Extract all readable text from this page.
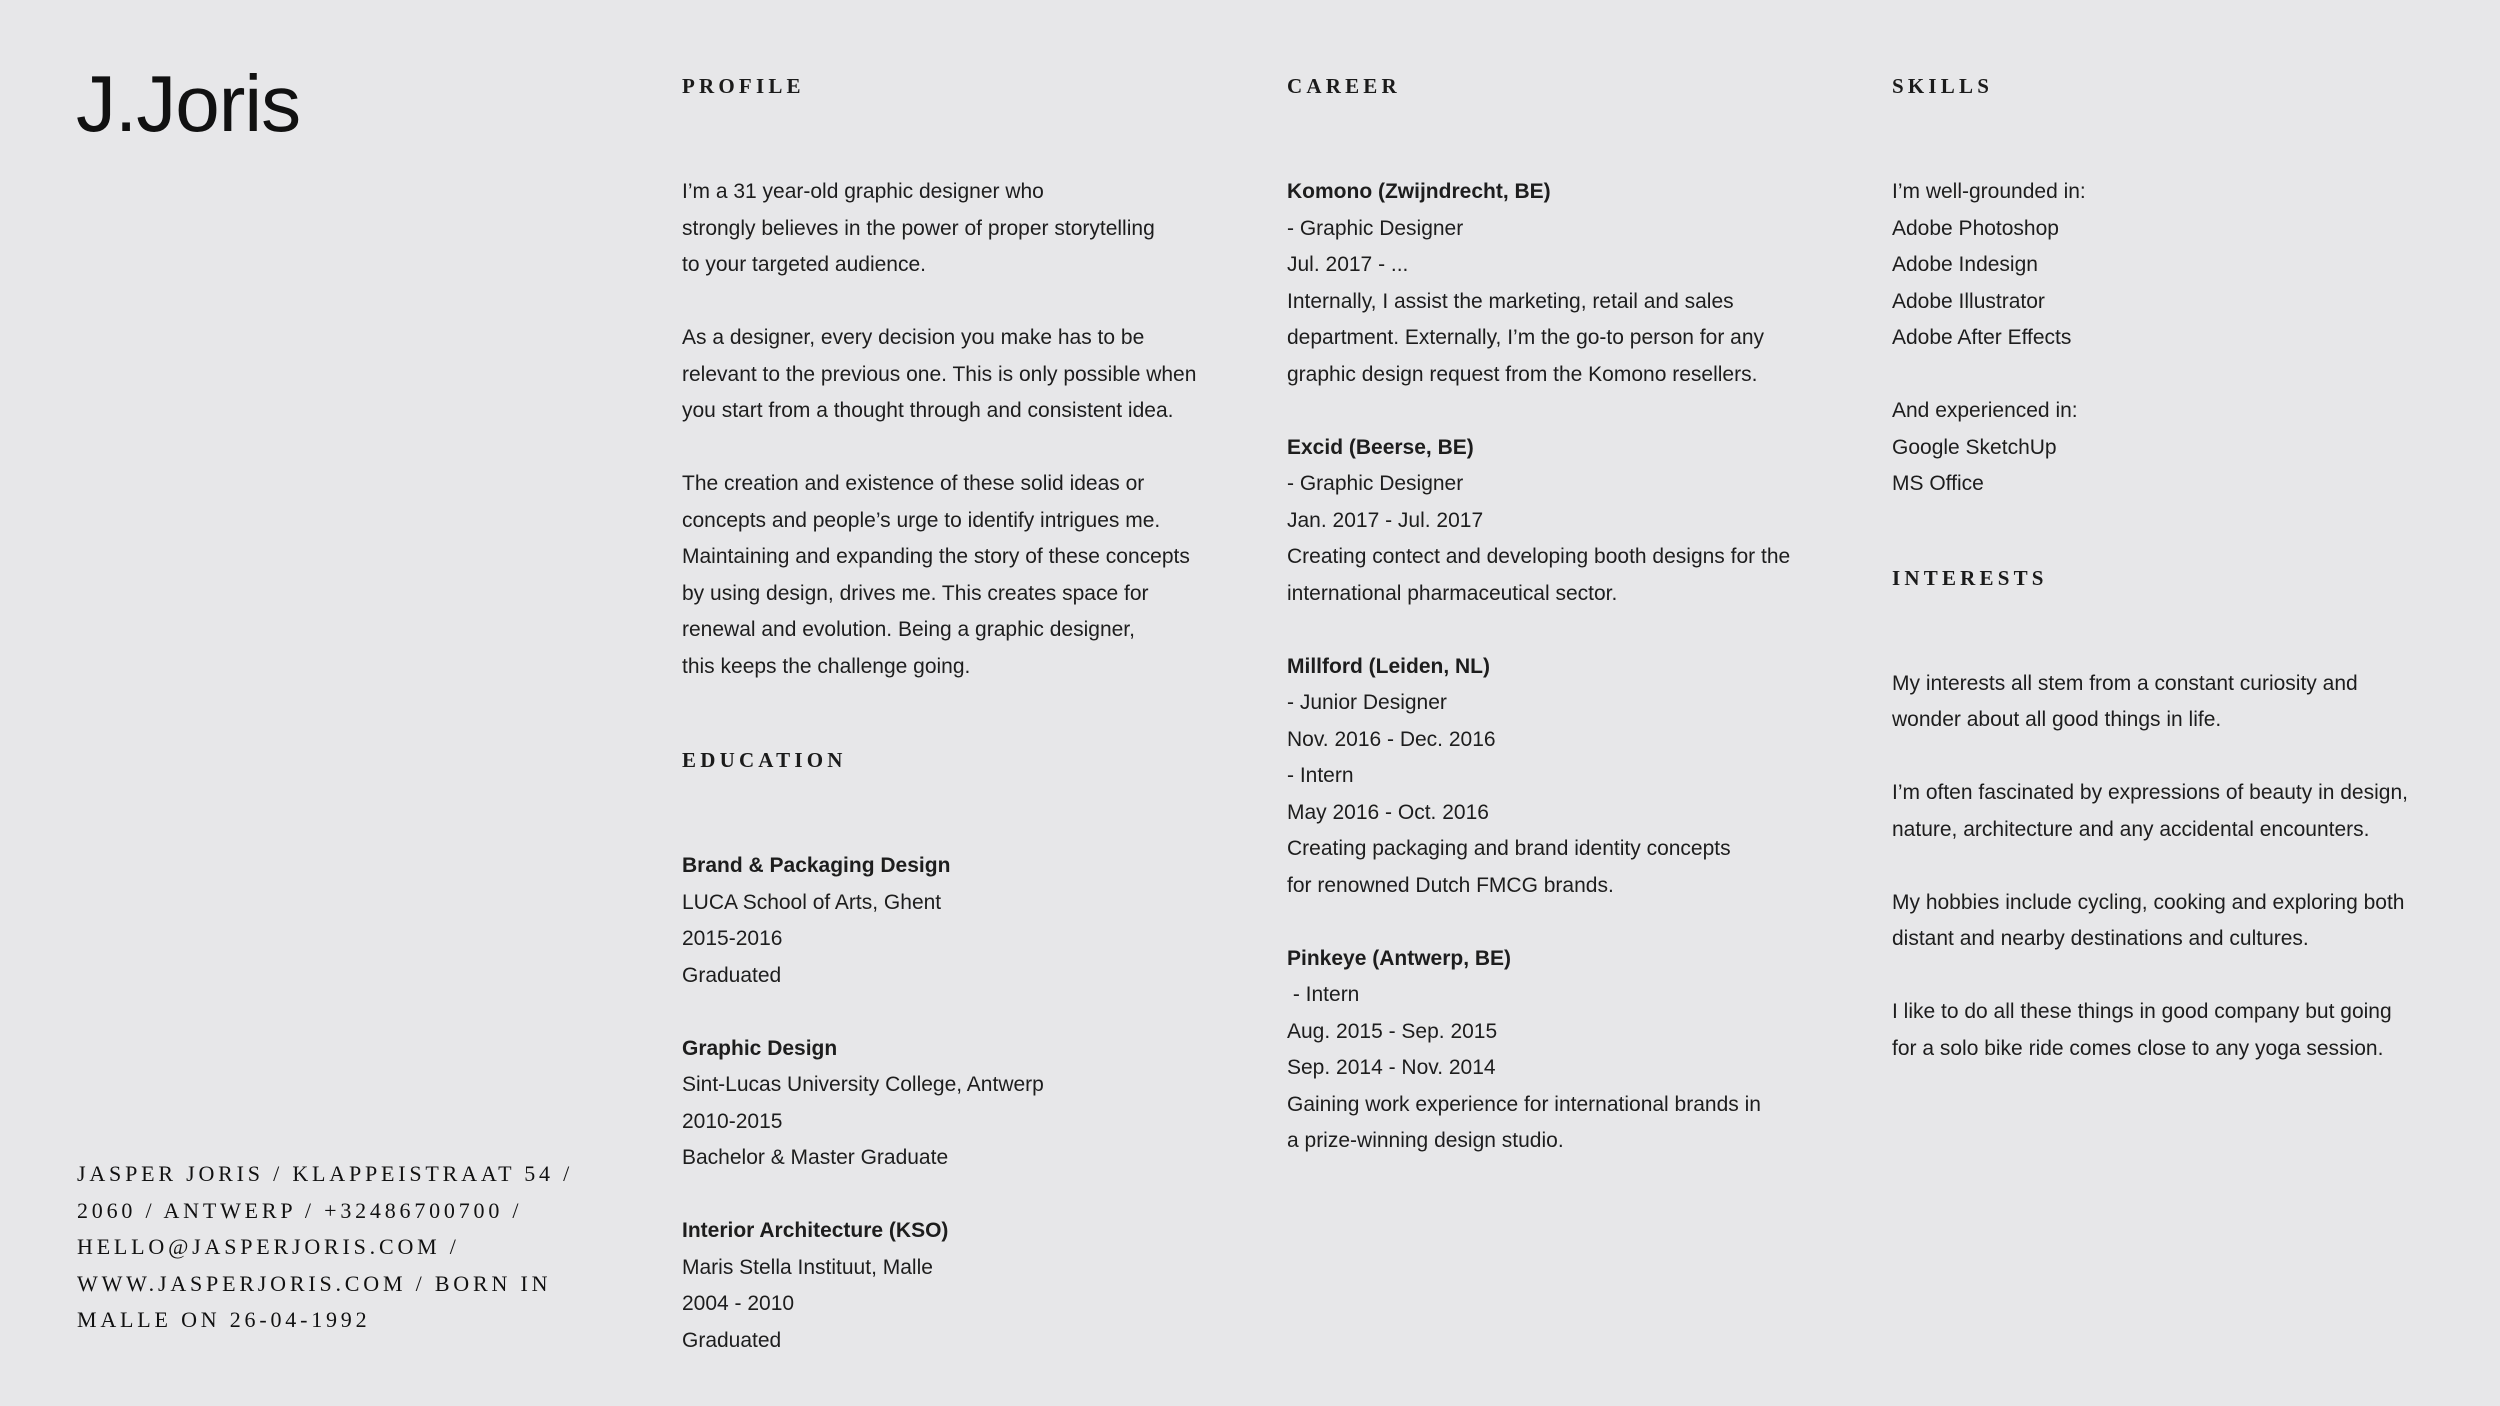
J.Joris
JASPER JORIS / KLAPPEISTRAAT 54 /
2060 / ANTWERP / +32486700700 /
HELLO@JASPERJORIS.COM /
WWW.JASPERJORIS.COM / BORN IN
MALLE ON 26-04-1992
PROFILE
I’m a 31 year-old graphic designer who
strongly believes in the power of proper storytelling
to your targeted audience.
As a designer, every decision you make has to be
relevant to the previous one. This is only possible when
you start from a thought through and consistent idea.
The creation and existence of these solid ideas or
concepts and people’s urge to identify intrigues me.
Maintaining and expanding the story of these concepts
by using design, drives me. This creates space for
renewal and evolution. Being a graphic designer,
this keeps the challenge going.
EDUCATION
Brand & Packaging Design
LUCA School of Arts, Ghent
2015-2016
Graduated
Graphic Design
Sint-Lucas University College, Antwerp
2010-2015
Bachelor & Master Graduate
Interior Architecture (KSO)
Maris Stella Instituut, Malle
2004 - 2010
Graduated
CAREER
Komono (Zwijndrecht, BE)
- Graphic Designer
Jul. 2017 - ...
Internally, I assist the marketing, retail and sales
department. Externally, I’m the go-to person for any
graphic design request from the Komono resellers.
Excid (Beerse, BE)
- Graphic Designer
Jan. 2017 - Jul. 2017
Creating contect and developing booth designs for the
international pharmaceutical sector.
Millford (Leiden, NL)
- Junior Designer
Nov. 2016 - Dec. 2016
- Intern
May 2016 - Oct. 2016
Creating packaging and brand identity concepts
for renowned Dutch FMCG brands.
Pinkeye (Antwerp, BE)
- Intern
Aug. 2015 - Sep. 2015
Sep. 2014 - Nov. 2014
Gaining work experience for international brands in
a prize-winning design studio.
SKILLS
I’m well-grounded in:
Adobe Photoshop
Adobe Indesign
Adobe Illustrator
Adobe After Effects
And experienced in:
Google SketchUp
MS Office
INTERESTS
My interests all stem from a constant curiosity and
wonder about all good things in life.
I’m often fascinated by expressions of beauty in design,
nature, architecture and any accidental encounters.
My hobbies include cycling, cooking and exploring both
distant and nearby destinations and cultures.
I like to do all these things in good company but going
for a solo bike ride comes close to any yoga session.
